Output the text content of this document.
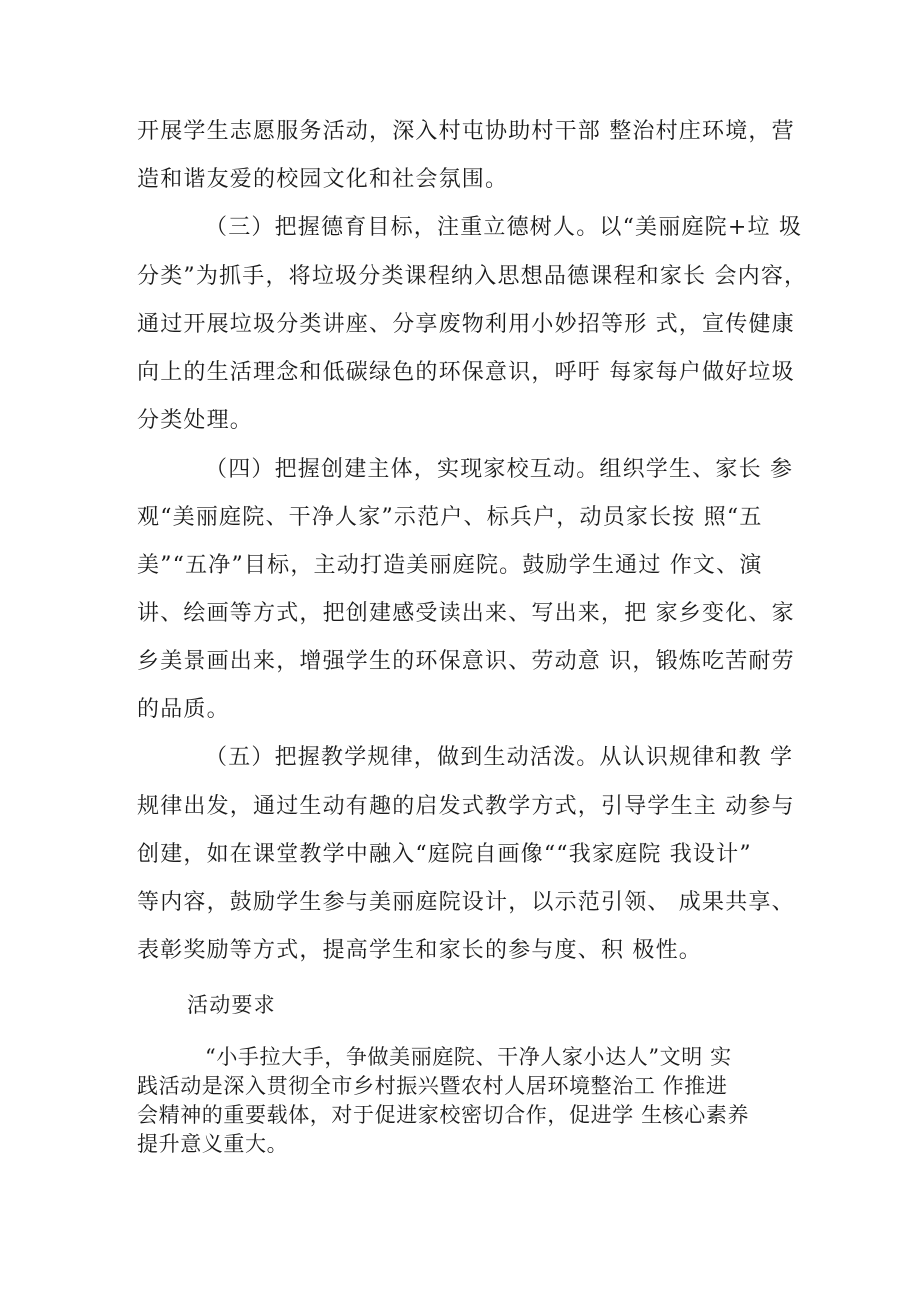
开展学生志愿服务活动，深入村屯协助村干部 整治村庄环境，营
造和谐友爱的校园文化和社会氛围。
（三）把握德育目标，注重立德树人。以“美丽庭院+垃 圾
分类”为抓手，将垃圾分类课程纳入思想品德课程和家长 会内容，
通过开展垃圾分类讲座、分享废物利用小妙招等形 式，宣传健康
向上的生活理念和低碳绿色的环保意识，呼吁 每家每户做好垃圾
分类处理。
（四）把握创建主体，实现家校互动。组织学生、家长 参
观“美丽庭院、干净人家”示范户、标兵户，动员家长按 照“五
美”“五净”目标，主动打造美丽庭院。鼓励学生通过 作文、演
讲、绘画等方式，把创建感受读出来、写出来，把 家乡变化、家
乡美景画出来，增强学生的环保意识、劳动意 识，锻炼吃苦耐劳
的品质。
（五）把握教学规律，做到生动活泼。从认识规律和教 学
规律出发，通过生动有趣的启发式教学方式，引导学生主 动参与
创建，如在课堂教学中融入“庭院自画像““我家庭院 我设计”
等内容，鼓励学生参与美丽庭院设计，以示范引领、 成果共享、
表彰奖励等方式，提高学生和家长的参与度、积 极性。
活动要求
“小手拉大手，争做美丽庭院、干净人家小达人”文明 实
践活动是深入贯彻全市乡村振兴暨农村人居环境整治工 作推进
会精神的重要载体，对于促进家校密切合作，促进学 生核心素养
提升意义重大。
